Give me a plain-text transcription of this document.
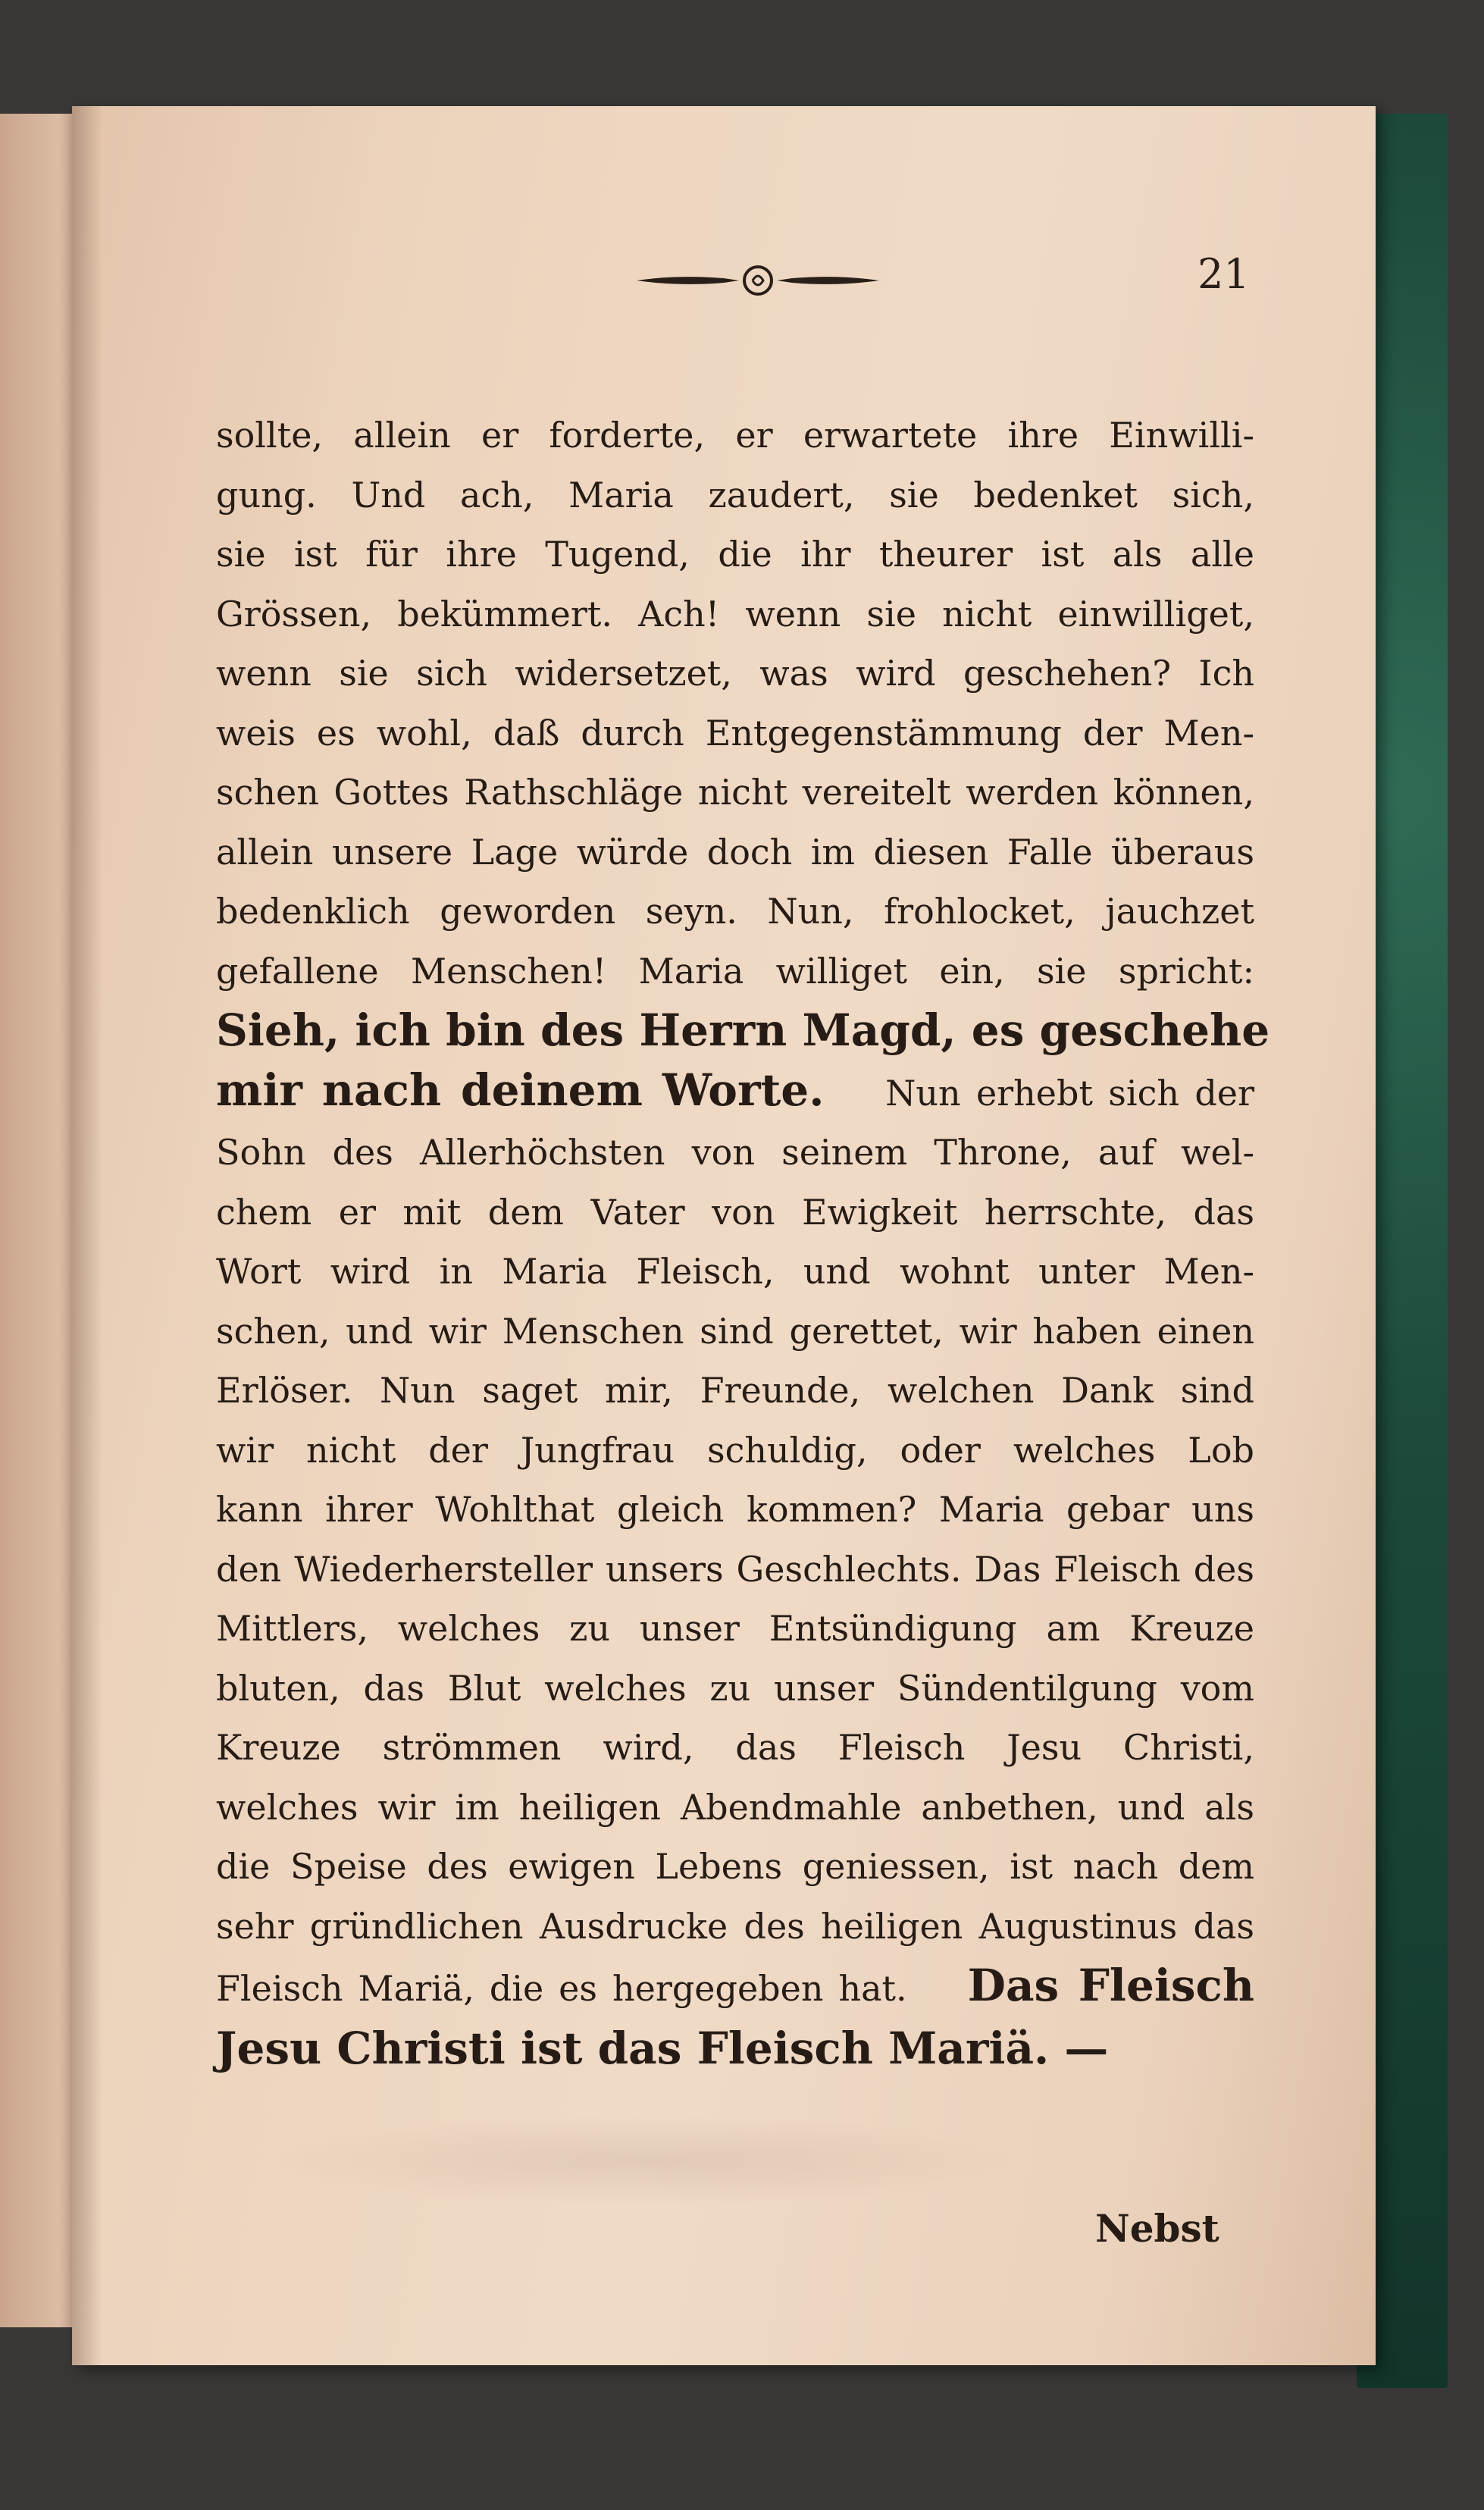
21
sollte, allein er forderte, er erwartete ihre Einwilli-
gung. Und ach, Maria zaudert, sie bedenket sich,
sie ist für ihre Tugend, die ihr theurer ist als alle
Grössen, bekümmert. Ach! wenn sie nicht einwilliget,
wenn sie sich widersetzet, was wird geschehen? Ich
weis es wohl, daß durch Entgegenstämmung der Men-
schen Gottes Rathschläge nicht vereitelt werden können,
allein unsere Lage würde doch im diesen Falle überaus
bedenklich geworden seyn. Nun, frohlocket, jauchzet
gefallene Menschen! Maria williget ein, sie spricht:
Sieh, ich bin des Herrn Magd, es geschehe
mir nach deinem Worte. Nun erhebt sich der
Sohn des Allerhöchsten von seinem Throne, auf wel-
chem er mit dem Vater von Ewigkeit herrschte, das
Wort wird in Maria Fleisch, und wohnt unter Men-
schen, und wir Menschen sind gerettet, wir haben einen
Erlöser. Nun saget mir, Freunde, welchen Dank sind
wir nicht der Jungfrau schuldig, oder welches Lob
kann ihrer Wohlthat gleich kommen? Maria gebar uns
den Wiederhersteller unsers Geschlechts. Das Fleisch des
Mittlers, welches zu unser Entsündigung am Kreuze
bluten, das Blut welches zu unser Sündentilgung vom
Kreuze strömmen wird, das Fleisch Jesu Christi,
welches wir im heiligen Abendmahle anbethen, und als
die Speise des ewigen Lebens geniessen, ist nach dem
sehr gründlichen Ausdrucke des heiligen Augustinus das
Fleisch Mariä, die es hergegeben hat. Das Fleisch
Jesu Christi ist das Fleisch Mariä. —
Nebst
